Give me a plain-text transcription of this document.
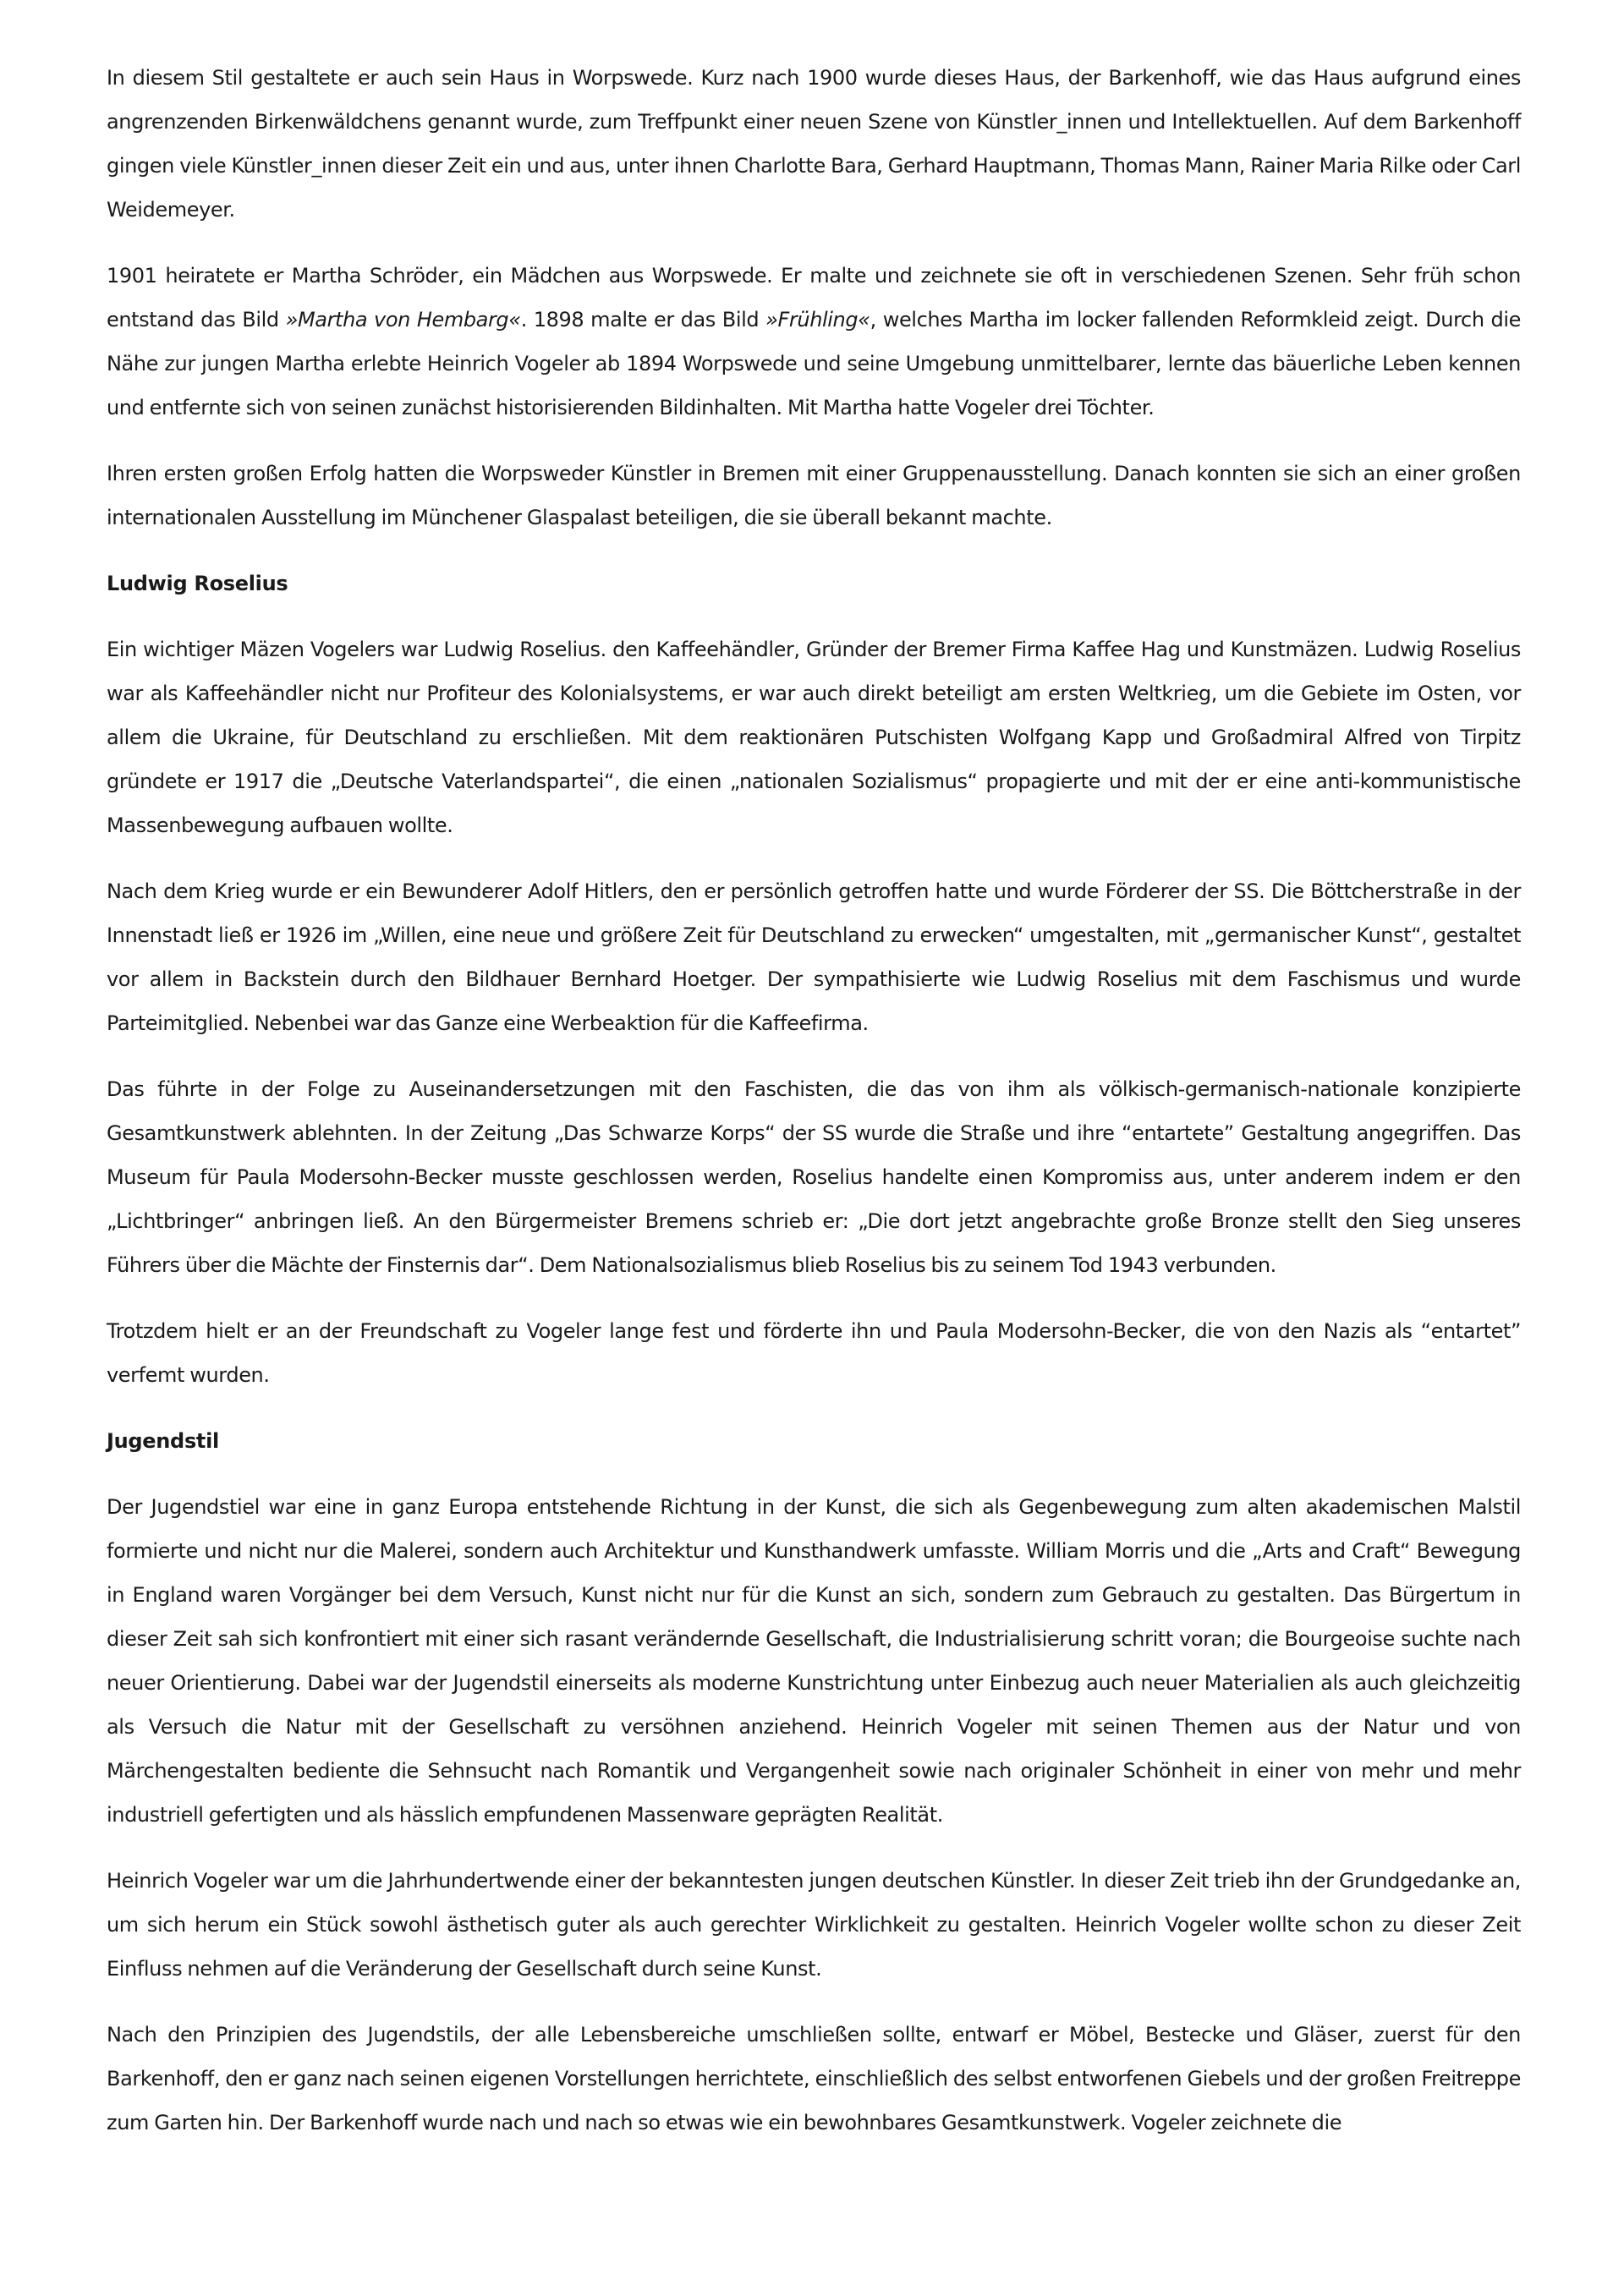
In diesem Stil gestaltete er auch sein Haus in Worpswede. Kurz nach 1900 wurde dieses Haus, der Barkenhoff, wie das Haus aufgrund eines angrenzenden Birkenwäldchens genannt wurde, zum Treffpunkt einer neuen Szene von Künstler_innen und Intellektuellen. Auf dem Barkenhoff gingen viele Künstler_innen dieser Zeit ein und aus, unter ihnen Charlotte Bara, Gerhard Hauptmann, Thomas Mann, Rainer Maria Rilke oder Carl Weidemeyer.

1901 heiratete er Martha Schröder, ein Mädchen aus Worpswede. Er malte und zeichnete sie oft in verschiedenen Szenen. Sehr früh schon entstand das Bild »Martha von Hembarg«. 1898 malte er das Bild »Frühling«, welches Martha im locker fallenden Reformkleid zeigt. Durch die Nähe zur jungen Martha erlebte Heinrich Vogeler ab 1894 Worpswede und seine Umgebung unmittelbarer, lernte das bäuerliche Leben kennen und entfernte sich von seinen zunächst historisierenden Bildinhalten. Mit Martha hatte Vogeler drei Töchter.

Ihren ersten großen Erfolg hatten die Worpsweder Künstler in Bremen mit einer Gruppenausstellung. Danach konnten sie sich an einer großen internationalen Ausstellung im Münchener Glaspalast beteiligen, die sie überall bekannt machte.

Ludwig Roselius

Ein wichtiger Mäzen Vogelers war Ludwig Roselius. den Kaffeehändler, Gründer der Bremer Firma Kaffee Hag und Kunstmäzen. Ludwig Roselius war als Kaffeehändler nicht nur Profiteur des Kolonialsystems, er war auch direkt beteiligt am ersten Weltkrieg, um die Gebiete im Osten, vor allem die Ukraine, für Deutschland zu erschließen. Mit dem reaktionären Putschisten Wolfgang Kapp und Großadmiral Alfred von Tirpitz gründete er 1917 die „Deutsche Vaterlandspartei“, die einen „nationalen Sozialismus“ propagierte und mit der er eine anti-kommunistische Massenbewegung aufbauen wollte.

Nach dem Krieg wurde er ein Bewunderer Adolf Hitlers, den er persönlich getroffen hatte und wurde Förderer der SS. Die Böttcherstraße in der Innenstadt ließ er 1926 im „Willen, eine neue und größere Zeit für Deutschland zu erwecken“ umgestalten, mit „germanischer Kunst“, gestaltet vor allem in Backstein durch den Bildhauer Bernhard Hoetger. Der sympathisierte wie Ludwig Roselius mit dem Faschismus und wurde Parteimitglied. Nebenbei war das Ganze eine Werbeaktion für die Kaffeefirma.

Das führte in der Folge zu Auseinandersetzungen mit den Faschisten, die das von ihm als völkisch-germanisch-nationale konzipierte Gesamtkunstwerk ablehnten. In der Zeitung „Das Schwarze Korps“ der SS wurde die Straße und ihre “entartete” Gestaltung angegriffen. Das Museum für Paula Modersohn-Becker musste geschlossen werden, Roselius handelte einen Kompromiss aus, unter anderem indem er den „Lichtbringer“ anbringen ließ. An den Bürgermeister Bremens schrieb er: „Die dort jetzt angebrachte große Bronze stellt den Sieg unseres Führers über die Mächte der Finsternis dar“. Dem Nationalsozialismus blieb Roselius bis zu seinem Tod 1943 verbunden.

Trotzdem hielt er an der Freundschaft zu Vogeler lange fest und förderte ihn und Paula Modersohn-Becker, die von den Nazis als “entartet” verfemt wurden.

Jugendstil

Der Jugendstiel war eine in ganz Europa entstehende Richtung in der Kunst, die sich als Gegenbewegung zum alten akademischen Malstil formierte und nicht nur die Malerei, sondern auch Architektur und Kunsthandwerk umfasste. William Morris und die „Arts and Craft“ Bewegung in England waren Vorgänger bei dem Versuch, Kunst nicht nur für die Kunst an sich, sondern zum Gebrauch zu gestalten. Das Bürgertum in dieser Zeit sah sich konfrontiert mit einer sich rasant verändernde Gesellschaft, die Industrialisierung schritt voran; die Bourgeoise suchte nach neuer Orientierung. Dabei war der Jugendstil einerseits als moderne Kunstrichtung unter Einbezug auch neuer Materialien als auch gleichzeitig als Versuch die Natur mit der Gesellschaft zu versöhnen anziehend. Heinrich Vogeler mit seinen Themen aus der Natur und von Märchengestalten bediente die Sehnsucht nach Romantik und Vergangenheit sowie nach originaler Schönheit in einer von mehr und mehr industriell gefertigten und als hässlich empfundenen Massenware geprägten Realität.

Heinrich Vogeler war um die Jahrhundertwende einer der bekanntesten jungen deutschen Künstler. In dieser Zeit trieb ihn der Grundgedanke an, um sich herum ein Stück sowohl ästhetisch guter als auch gerechter Wirklichkeit zu gestalten. Heinrich Vogeler wollte schon zu dieser Zeit Einfluss nehmen auf die Veränderung der Gesellschaft durch seine Kunst.

Nach den Prinzipien des Jugendstils, der alle Lebensbereiche umschließen sollte, entwarf er Möbel, Bestecke und Gläser, zuerst für den Barkenhoff, den er ganz nach seinen eigenen Vorstellungen herrichtete, einschließlich des selbst entworfenen Giebels und der großen Freitreppe zum Garten hin. Der Barkenhoff wurde nach und nach so etwas wie ein bewohnbares Gesamtkunstwerk. Vogeler zeichnete die
